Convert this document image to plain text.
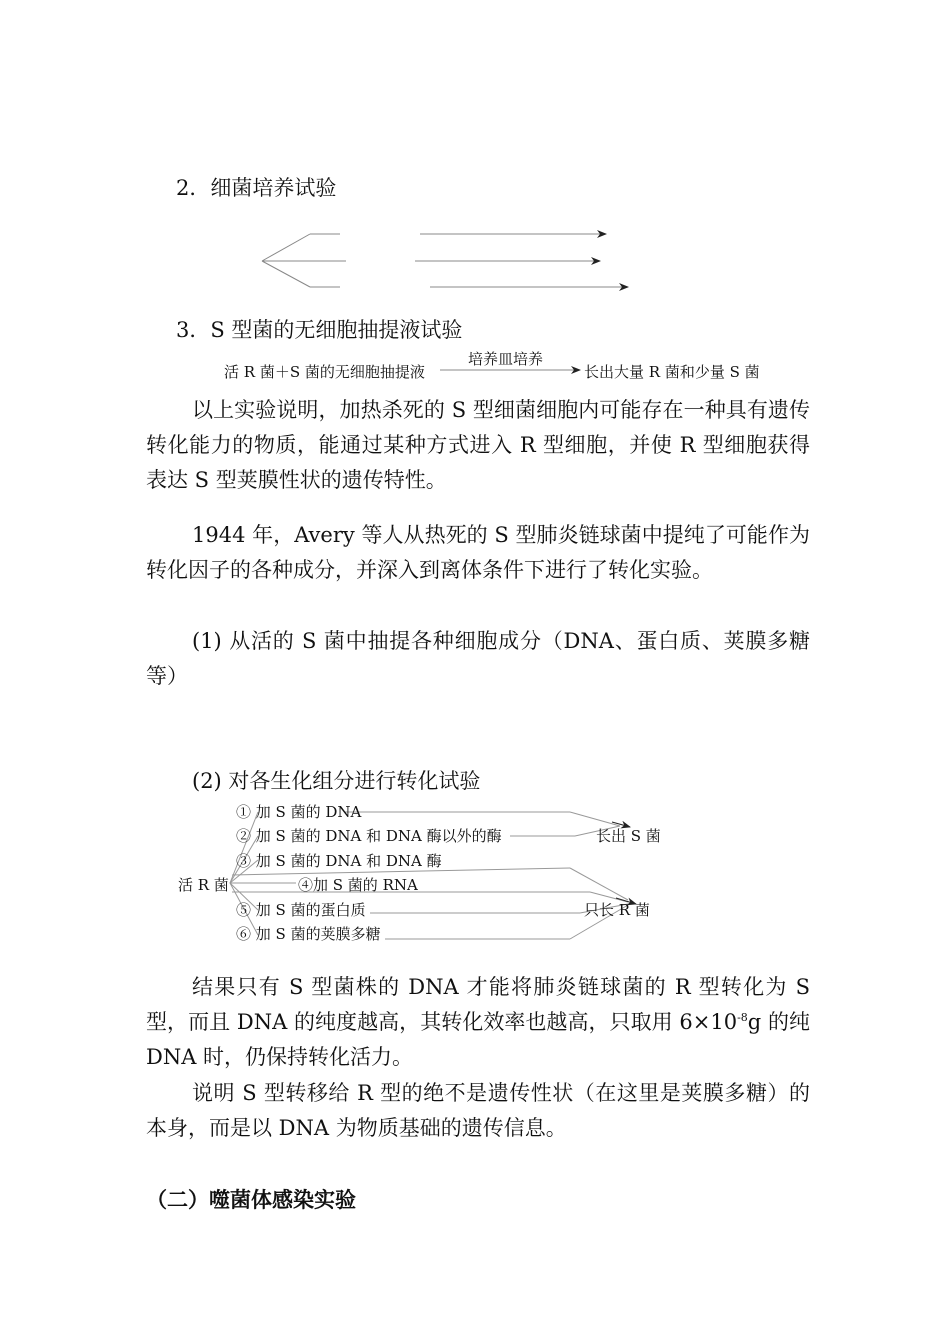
2．细菌培养试验
3．S 型菌的无细胞抽提液试验
活 R 菌＋S 菌的无细胞抽提液
培养皿培养
长出大量 R 菌和少量 S 菌
以上实验说明，加热杀死的 S 型细菌细胞内可能存在一种具有遗传转化能力的物质，能通过某种方式进入 R 型细胞，并使 R 型细胞获得表达 S 型荚膜性状的遗传特性。
1944 年，Avery 等人从热死的 S 型肺炎链球菌中提纯了可能作为转化因子的各种成分，并深入到离体条件下进行了转化实验。
(1) 从活的 S 菌中抽提各种细胞成分（DNA、蛋白质、荚膜多糖等）
(2) 对各生化组分进行转化试验
活 R 菌
① 加 S 菌的 DNA
② 加 S 菌的 DNA 和 DNA 酶以外的酶
③ 加 S 菌的 DNA 和 DNA 酶
④加 S 菌的 RNA
⑤ 加 S 菌的蛋白质
⑥ 加 S 菌的荚膜多糖
长出 S 菌
只长 R 菌
结果只有 S 型菌株的 DNA 才能将肺炎链球菌的 R 型转化为 S 型，而且 DNA 的纯度越高，其转化效率也越高，只取用 $6\times 10^{-8}g$ 的纯 DNA 时，仍保持转化活力。
说明 S 型转移给 R 型的绝不是遗传性状（在这里是荚膜多糖）的本身，而是以 DNA 为物质基础的遗传信息。
（二）噬菌体感染实验
